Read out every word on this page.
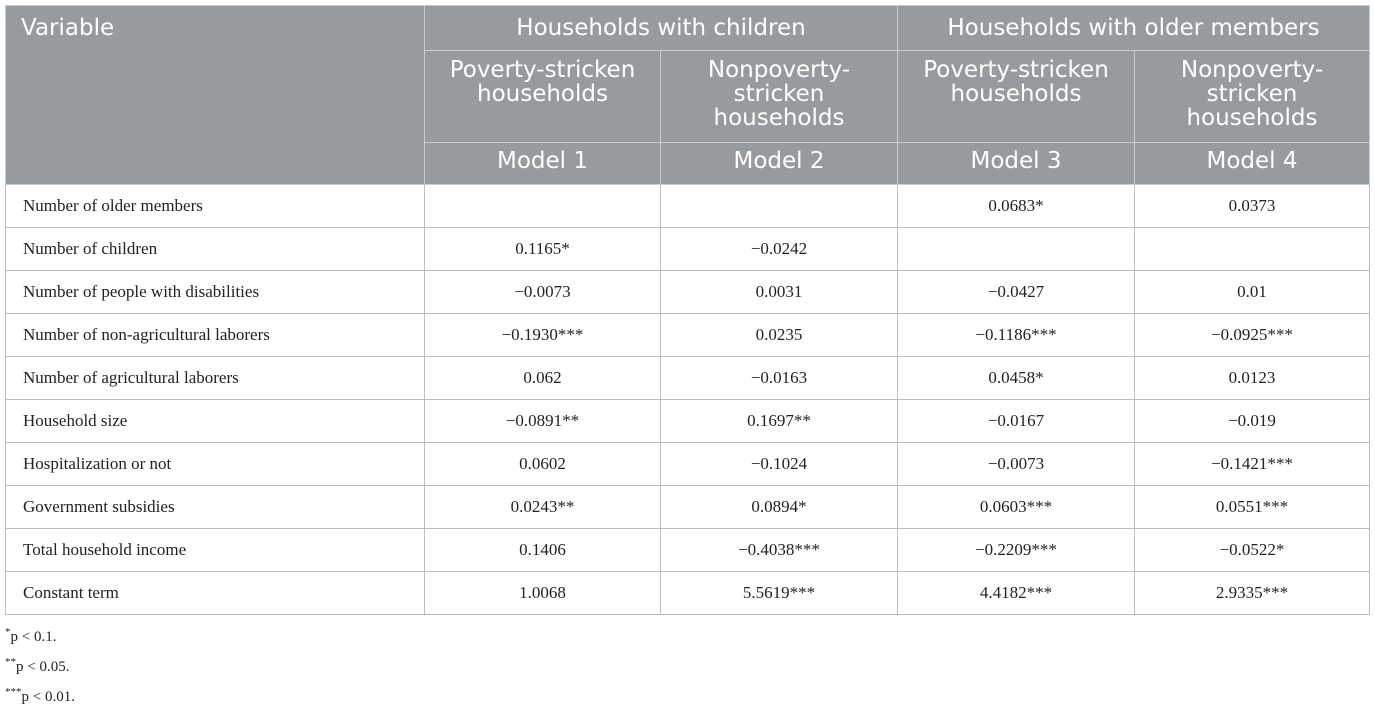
Variable	Households with children		Households with older members	
	Poverty-stricken households	Nonpoverty-stricken households	Poverty-stricken households	Nonpoverty-stricken households
	Model 1	Model 2	Model 3	Model 4
Number of older members			0.0683*	0.0373
Number of children	0.1165*	−0.0242		
Number of people with disabilities	−0.0073	0.0031	−0.0427	0.01
Number of non-agricultural laborers	−0.1930***	0.0235	−0.1186***	−0.0925***
Number of agricultural laborers	0.062	−0.0163	0.0458*	0.0123
Household size	−0.0891**	0.1697**	−0.0167	−0.019
Hospitalization or not	0.0602	−0.1024	−0.0073	−0.1421***
Government subsidies	0.0243**	0.0894*	0.0603***	0.0551***
Total household income	0.1406	−0.4038***	−0.2209***	−0.0522*
Constant term	1.0068	5.5619***	4.4182***	2.9335***
*p < 0.1.
**p < 0.05.
***p < 0.01.
